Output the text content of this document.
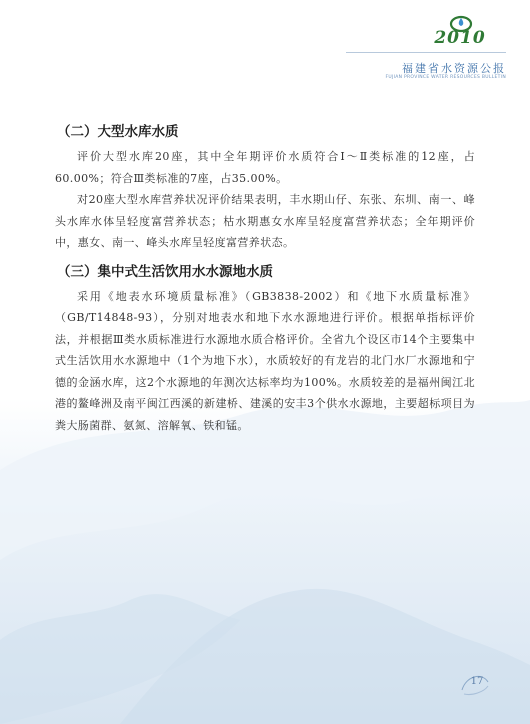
2010
福建省水资源公报
FUJIAN PROVINCE WATER RESOURCES BULLETIN
（二）大型水库水质

评价大型水库20座，其中全年期评价水质符合Ⅰ～Ⅱ类标准的12座，占60.00%；符合Ⅲ类标准的7座，占35.00%。

对20座大型水库营养状况评价结果表明，丰水期山仔、东张、东圳、南一、峰头水库水体呈轻度富营养状态；枯水期惠女水库呈轻度富营养状态；全年期评价中，惠女、南一、峰头水库呈轻度富营养状态。

（三）集中式生活饮用水水源地水质

采用《地表水环境质量标准》（GB3838-2002）和《地下水质量标准》（GB/T14848-93），分别对地表水和地下水水源地进行评价。根据单指标评价法，并根据Ⅲ类水质标准进行水源地水质合格评价。全省九个设区市14个主要集中式生活饮用水水源地中（1个为地下水），水质较好的有龙岩的北门水厂水源地和宁德的金涵水库，这2个水源地的年测次达标率均为100%。水质较差的是福州闽江北港的鳌峰洲及南平闽江西溪的新建桥、建溪的安丰3个供水水源地，主要超标项目为粪大肠菌群、氨氮、溶解氧、铁和锰。

17
